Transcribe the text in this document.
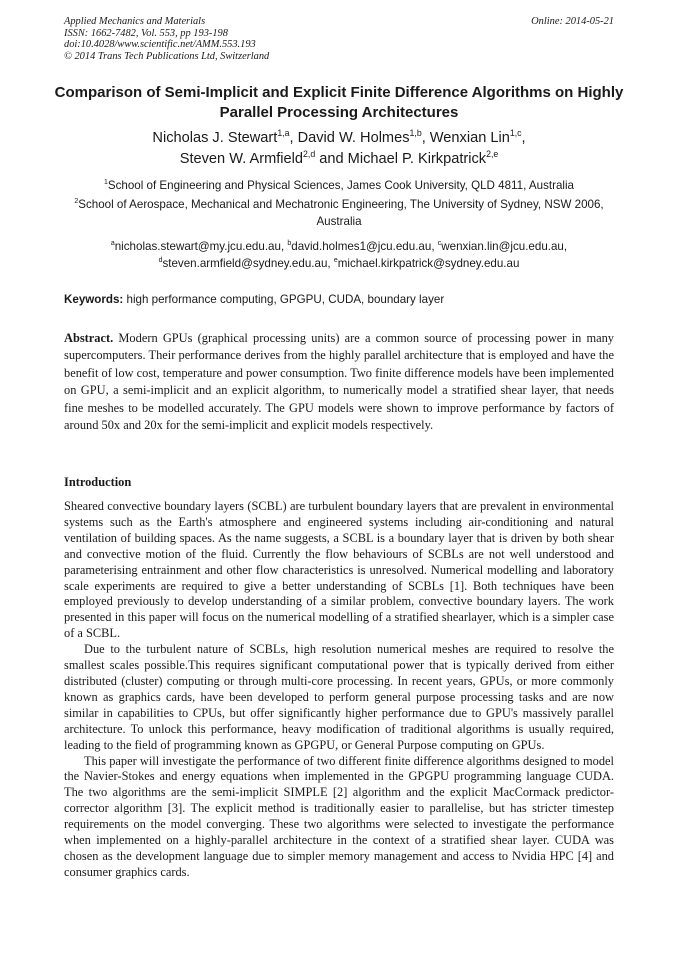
Applied Mechanics and Materials
ISSN: 1662-7482, Vol. 553, pp 193-198
doi:10.4028/www.scientific.net/AMM.553.193
© 2014 Trans Tech Publications Ltd, Switzerland
Online: 2014-05-21
Comparison of Semi-Implicit and Explicit Finite Difference Algorithms on Highly Parallel Processing Architectures
Nicholas J. Stewart$^{1,a}$, David W. Holmes$^{1,b}$, Wenxian Lin$^{1,c}$,
Steven W. Armfield$^{2,d}$ and Michael P. Kirkpatrick$^{2,e}$
$^1$School of Engineering and Physical Sciences, James Cook University, QLD 4811, Australia
$^2$School of Aerospace, Mechanical and Mechatronic Engineering, The University of Sydney, NSW 2006, Australia
$^a$nicholas.stewart@my.jcu.edu.au, $^b$david.holmes1@jcu.edu.au, $^c$wenxian.lin@jcu.edu.au,
$^d$steven.armfield@sydney.edu.au, $^e$michael.kirkpatrick@sydney.edu.au
Keywords: high performance computing, GPGPU, CUDA, boundary layer
Abstract. Modern GPUs (graphical processing units) are a common source of processing power in many supercomputers. Their performance derives from the highly parallel architecture that is employed and have the benefit of low cost, temperature and power consumption. Two finite difference models have been implemented on GPU, a semi-implicit and an explicit algorithm, to numerically model a stratified shear layer, that needs fine meshes to be modelled accurately. The GPU models were shown to improve performance by factors of around 50x and 20x for the semi-implicit and explicit models respectively.
Introduction

Sheared convective boundary layers (SCBL) are turbulent boundary layers that are prevalent in environmental systems such as the Earth's atmosphere and engineered systems including air-conditioning and natural ventilation of building spaces. As the name suggests, a SCBL is a boundary layer that is driven by both shear and convective motion of the fluid. Currently the flow behaviours of SCBLs are not well understood and parameterising entrainment and other flow characteristics is unresolved. Numerical modelling and laboratory scale experiments are required to give a better understanding of SCBLs [1]. Both techniques have been employed previously to develop understanding of a similar problem, convective boundary layers. The work presented in this paper will focus on the numerical modelling of a stratified shearlayer, which is a simpler case of a SCBL.

Due to the turbulent nature of SCBLs, high resolution numerical meshes are required to resolve the smallest scales possible.This requires significant computational power that is typically derived from either distributed (cluster) computing or through multi-core processing. In recent years, GPUs, or more commonly known as graphics cards, have been developed to perform general purpose processing tasks and are now similar in capabilities to CPUs, but offer significantly higher performance due to GPU's massively parallel architecture. To unlock this performance, heavy modification of traditional algorithms is usually required, leading to the field of programming known as GPGPU, or General Purpose computing on GPUs.

This paper will investigate the performance of two different finite difference algorithms designed to model the Navier-Stokes and energy equations when implemented in the GPGPU programming language CUDA. The two algorithms are the semi-implicit SIMPLE [2] algorithm and the explicit MacCormack predictor-corrector algorithm [3]. The explicit method is traditionally easier to parallelise, but has stricter timestep requirements on the model converging. These two algorithms were selected to investigate the performance when implemented on a highly-parallel architecture in the context of a stratified shear layer. CUDA was chosen as the development language due to simpler memory management and access to Nvidia HPC [4] and consumer graphics cards.
